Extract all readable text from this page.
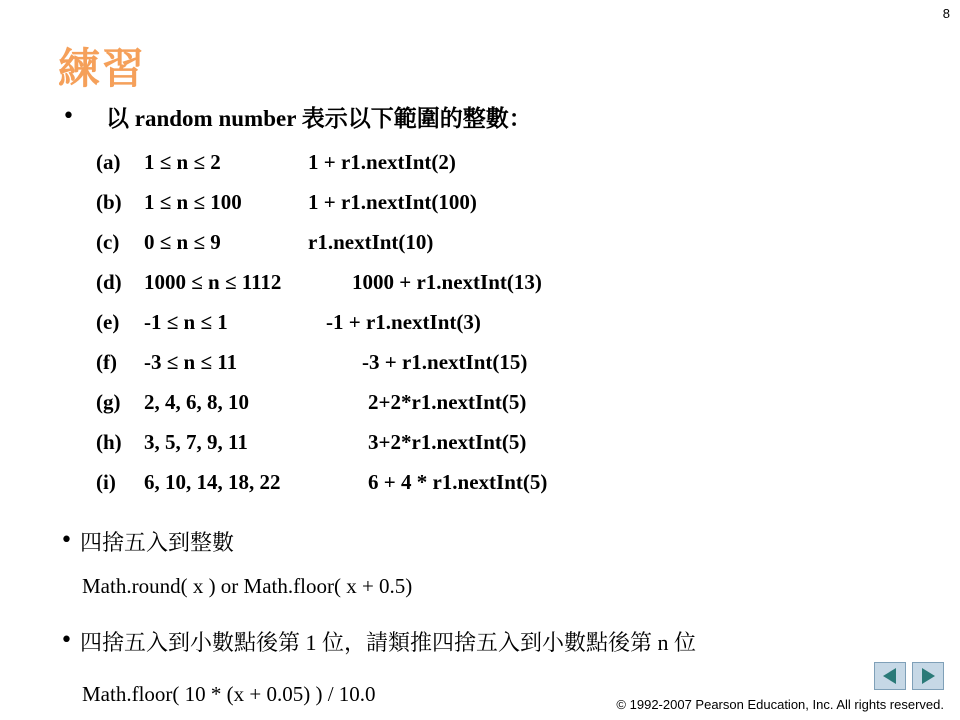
8
練習
• 以 random number 表示以下範圍的整數：
(a) 1 ≤ n ≤ 2	1 + r1.nextInt(2)
(b) 1 ≤ n ≤ 100	1 + r1.nextInt(100)
(c) 0 ≤ n ≤ 9	r1.nextInt(10)
(d) 1000 ≤ n ≤ 1112	1000 + r1.nextInt(13)
(e) -1 ≤ n ≤ 1	-1 + r1.nextInt(3)
(f) -3 ≤ n ≤ 11	-3 + r1.nextInt(15)
(g) 2, 4, 6, 8, 10	2+2*r1.nextInt(5)
(h) 3, 5, 7, 9, 11	3+2*r1.nextInt(5)
(i) 6, 10, 14, 18, 22	6 + 4 * r1.nextInt(5)
• 四捨五入到整數
Math.round( x ) or Math.floor( x + 0.5)
• 四捨五入到小數點後第 1 位，請類推四捨五入到小數點後第 n 位
Math.floor( 10 * (x + 0.05) ) / 10.0	© 1992-2007 Pearson Education, Inc. All rights reserved.
